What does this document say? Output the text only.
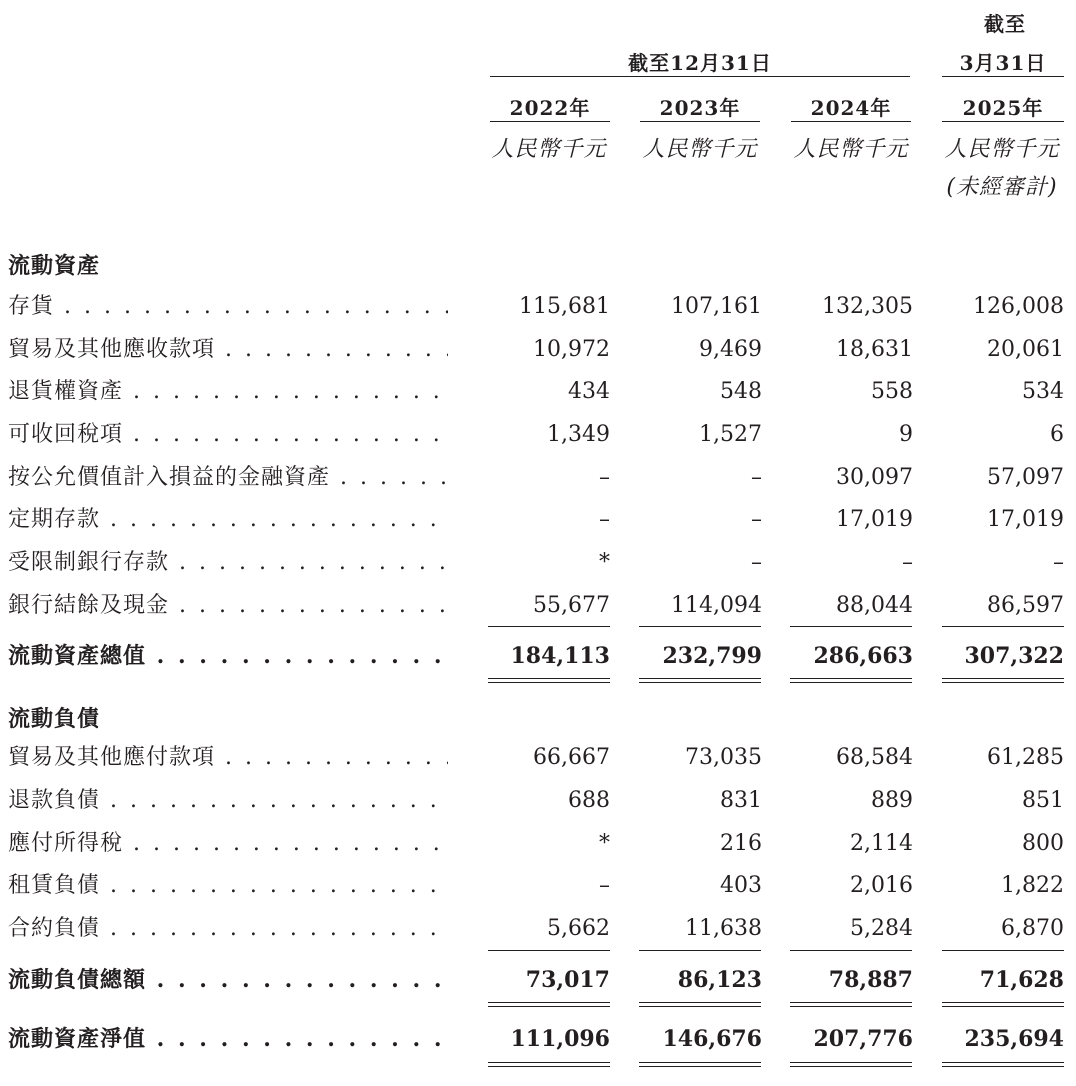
截至
截至12月31日	3月31日
2022年	2023年	2024年	2025年
人民幣千元	人民幣千元	人民幣千元	人民幣千元
(未經審計)
流動資產
存貨 . . .	115,681	107,161	132,305	126,008
貿易及其他應收款項 . . .	10,972	9,469	18,631	20,061
退貨權資產 . . .	434	548	558	534
可收回稅項 . . .	1,349	1,527	9	6
按公允價值計入損益的金融資產 . . .	–	–	30,097	57,097
定期存款 . . .	–	–	17,019	17,019
受限制銀行存款 . . .	*	–	–	–
銀行結餘及現金 . . .	55,677	114,094	88,044	86,597
流動資產總值 . . .	184,113	232,799	286,663	307,322
流動負債
貿易及其他應付款項 . . .	66,667	73,035	68,584	61,285
退款負債 . . .	688	831	889	851
應付所得稅 . . .	*	216	2,114	800
租賃負債 . . .	–	403	2,016	1,822
合約負債 . . .	5,662	11,638	5,284	6,870
流動負債總額 . . .	73,017	86,123	78,887	71,628
流動資產淨值 . . .	111,096	146,676	207,776	235,694
